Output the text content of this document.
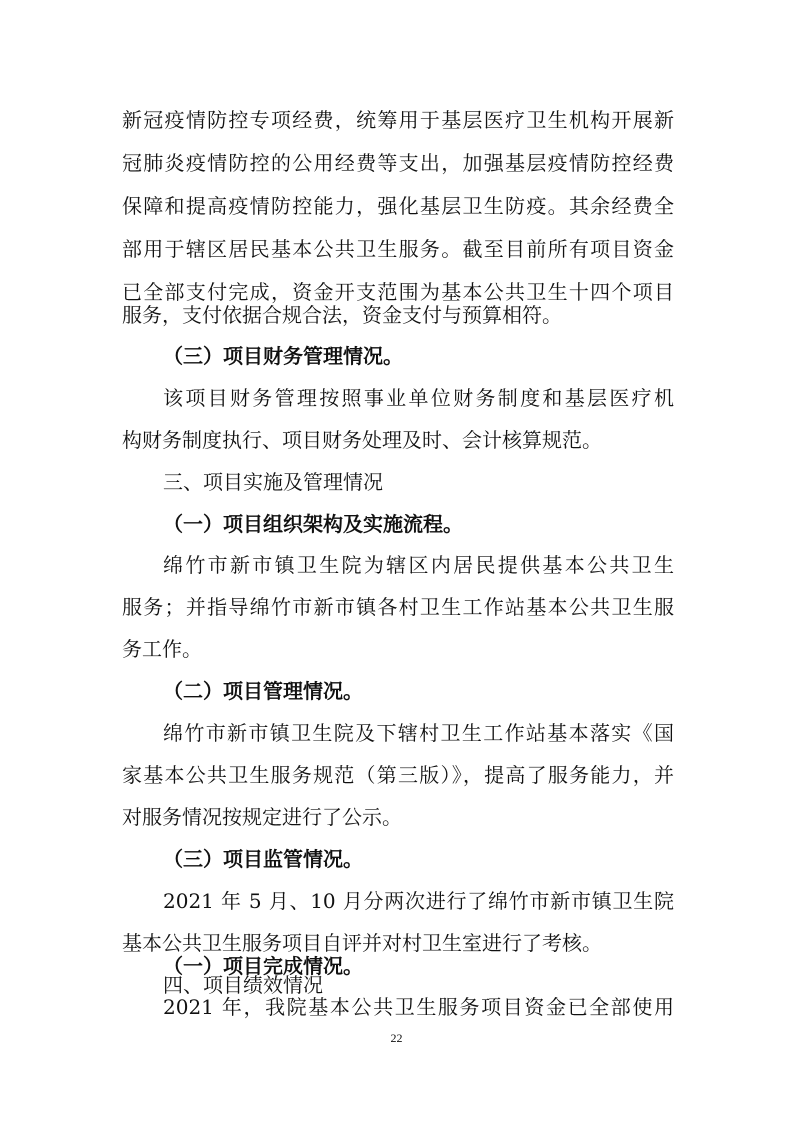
新冠疫情防控专项经费，统筹用于基层医疗卫生机构开展新
冠肺炎疫情防控的公用经费等支出，加强基层疫情防控经费
保障和提高疫情防控能力，强化基层卫生防疫。其余经费全
部用于辖区居民基本公共卫生服务。截至目前所有项目资金
已全部支付完成，资金开支范围为基本公共卫生十四个项目
服务，支付依据合规合法，资金支付与预算相符。
（三）项目财务管理情况。
该项目财务管理按照事业单位财务制度和基层医疗机
构财务制度执行、项目财务处理及时、会计核算规范。
三、项目实施及管理情况
（一）项目组织架构及实施流程。
绵竹市新市镇卫生院为辖区内居民提供基本公共卫生
服务；并指导绵竹市新市镇各村卫生工作站基本公共卫生服
务工作。
（二）项目管理情况。
绵竹市新市镇卫生院及下辖村卫生工作站基本落实《国
家基本公共卫生服务规范（第三版）》，提高了服务能力，并
对服务情况按规定进行了公示。
（三）项目监管情况。
2021 年 5 月、10 月分两次进行了绵竹市新市镇卫生院
基本公共卫生服务项目自评并对村卫生室进行了考核。
四、项目绩效情况
（一）项目完成情况。
2021 年，我院基本公共卫生服务项目资金已全部使用
22
